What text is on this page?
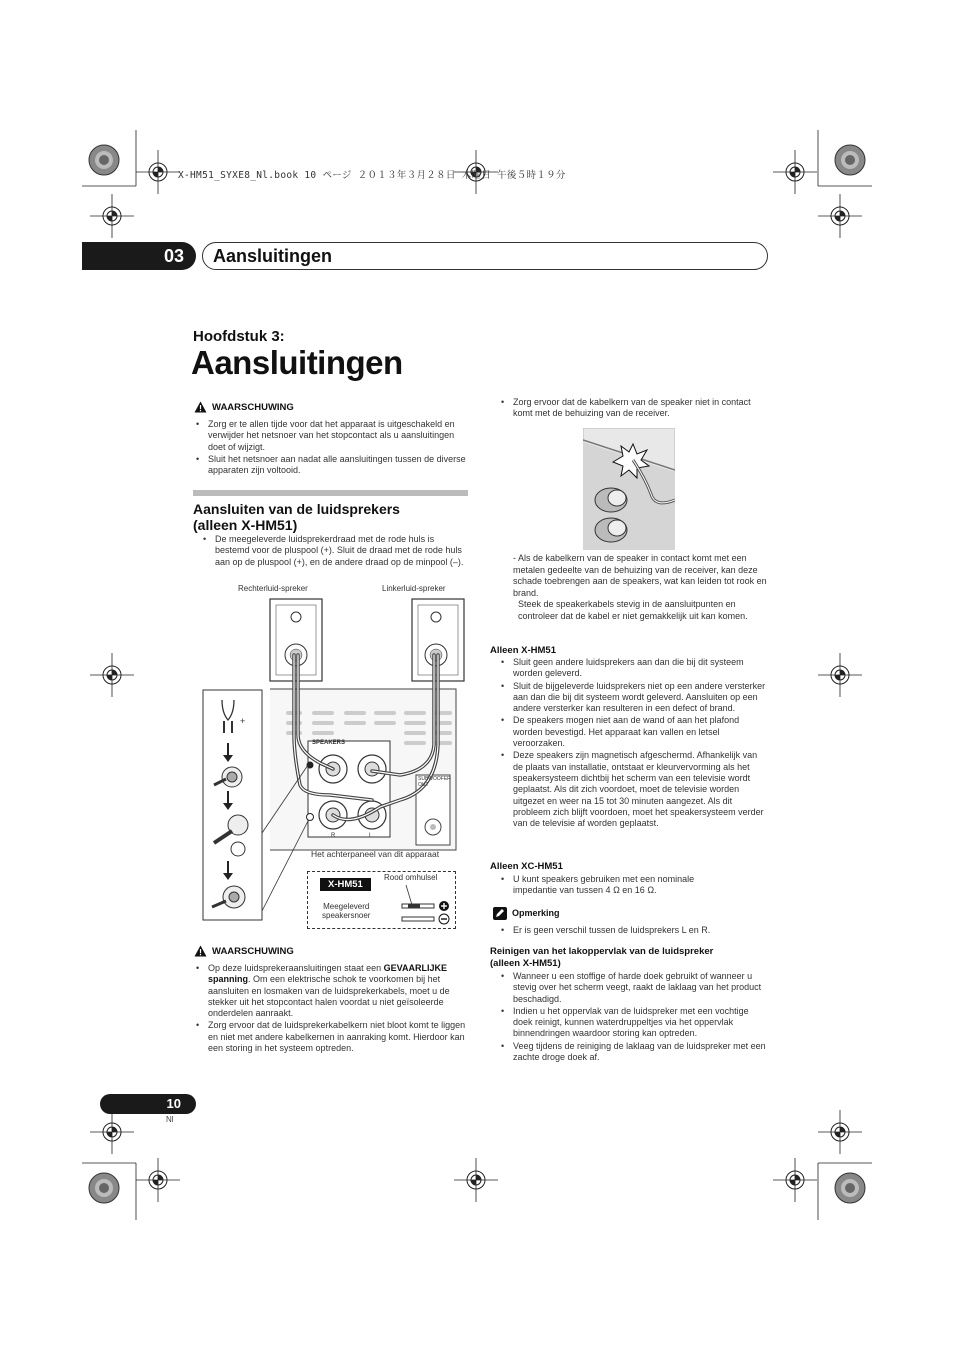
X-HM51_SYXE8_Nl.book 10 ページ ２０１３年３月２８日 木曜日 午後５時１９分
03	Aansluitingen
Hoofdstuk 3:
Aansluitingen
WAARSCHUWING
• Zorg er te allen tijde voor dat het apparaat is uitgeschakeld en verwijder het netsnoer van het stopcontact als u aansluitingen doet of wijzigt.
• Sluit het netsnoer aan nadat alle aansluitingen tussen de diverse apparaten zijn voltooid.
Aansluiten van de luidsprekers
(alleen X-HM51)
• De meegeleverde luidsprekerdraad met de rode huls is bestemd voor de pluspool (+). Sluit de draad met de rode huls aan op de pluspool (+), en de andere draad op de minpool (–).
Rechterluid-spreker	Linkerluid-spreker
+
SPEAKERS
R	L
SUBWOOFER OUT
Het achterpaneel van dit apparaat
X-HM51
Rood omhulsel
Meegeleverd
speakersnoer
WAARSCHUWING
• Op deze luidsprekeraansluitingen staat een GEVAARLIJKE spanning. Om een elektrische schok te voorkomen bij het aansluiten en losmaken van de luidsprekerkabels, moet u de stekker uit het stopcontact halen voordat u niet geïsoleerde onderdelen aanraakt.
• Zorg ervoor dat de luidsprekerkabelkern niet bloot komt te liggen en niet met andere kabelkernen in aanraking komt. Hierdoor kan een storing in het systeem optreden.
• Zorg ervoor dat de kabelkern van de speaker niet in contact komt met de behuizing van de receiver.
- Als de kabelkern van de speaker in contact komt met een metalen gedeelte van de behuizing van de receiver, kan deze schade toebrengen aan de speakers, wat kan leiden tot rook en brand.
Steek de speakerkabels stevig in de aansluitpunten en controleer dat de kabel er niet gemakkelijk uit kan komen.
Alleen X-HM51
• Sluit geen andere luidsprekers aan dan die bij dit systeem worden geleverd.
• Sluit de bijgeleverde luidsprekers niet op een andere versterker aan dan die bij dit systeem wordt geleverd. Aansluiten op een andere versterker kan resulteren in een defect of brand.
• De speakers mogen niet aan de wand of aan het plafond worden bevestigd. Het apparaat kan vallen en letsel veroorzaken.
• Deze speakers zijn magnetisch afgeschermd. Afhankelijk van de plaats van installatie, ontstaat er kleurvervorming als het speakersysteem dichtbij het scherm van een televisie wordt geplaatst. Als dit zich voordoet, moet de televisie worden uitgezet en weer na 15 tot 30 minuten aangezet. Als dit probleem zich blijft voordoen, moet het speakersysteem verder van de televisie af worden geplaatst.
Alleen XC-HM51
• U kunt speakers gebruiken met een nominale impedantie van tussen 4 Ω en 16 Ω.
Opmerking
• Er is geen verschil tussen de luidsprekers L en R.
Reinigen van het lakoppervlak van de luidspreker
(alleen X-HM51)
• Wanneer u een stoffige of harde doek gebruikt of wanneer u stevig over het scherm veegt, raakt de laklaag van het product beschadigd.
• Indien u het oppervlak van de luidspreker met een vochtige doek reinigt, kunnen waterdruppeltjes via het oppervlak binnendringen waardoor storing kan optreden.
• Veeg tijdens de reiniging de laklaag van de luidspreker met een zachte droge doek af.
10
Nl
